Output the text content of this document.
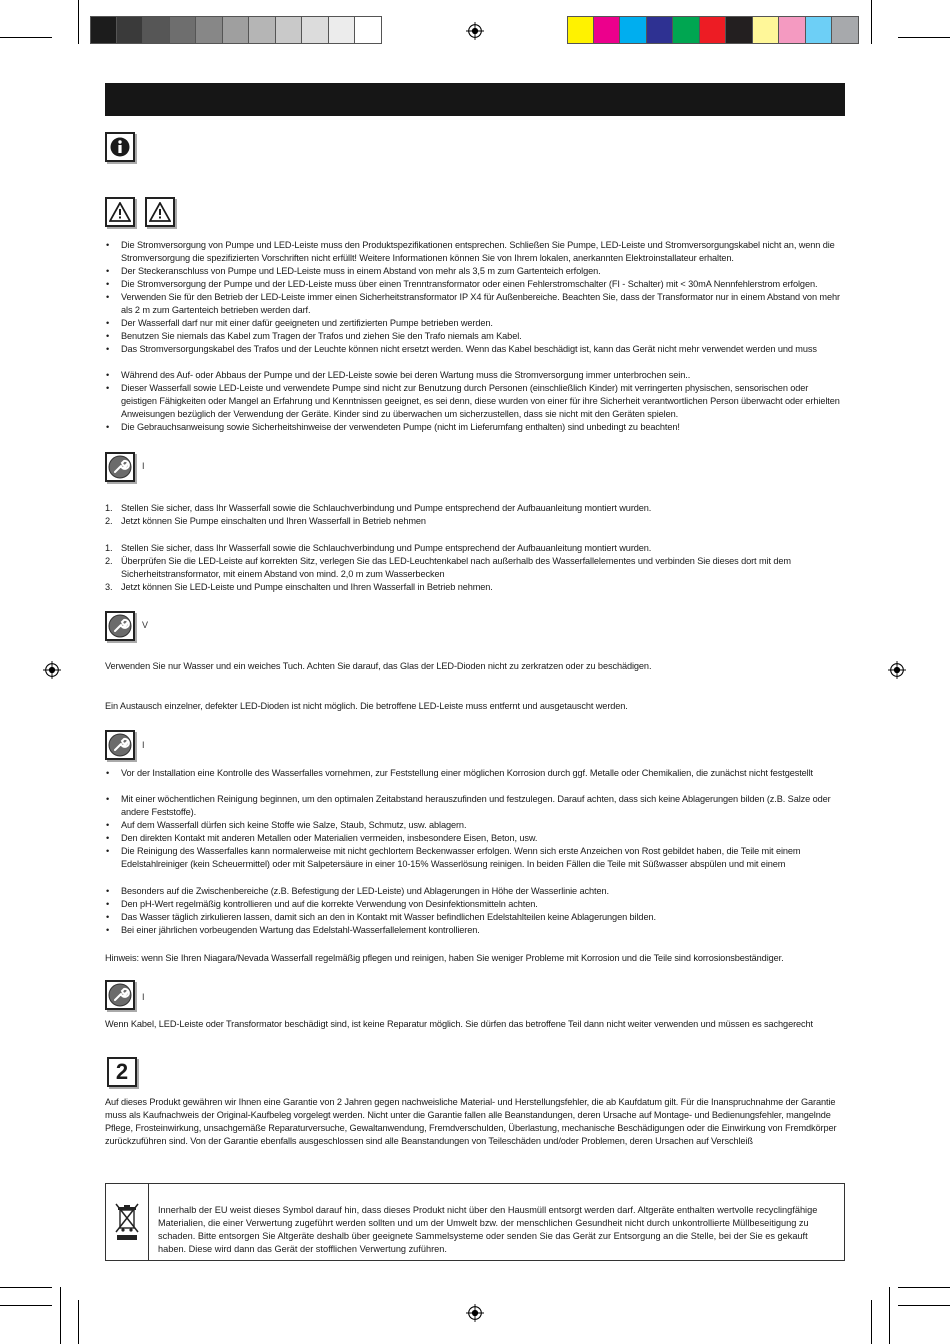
• Die Stromversorgung von Pumpe und LED-Leiste muss den Produktspezifikationen entsprechen. Schließen Sie Pumpe, LED-Leiste und Stromversorgungskabel nicht an, wenn die Stromversorgung die spezifizierten Vorschriften nicht erfüllt! Weitere Informationen können Sie von Ihrem lokalen, anerkannten Elektroinstallateur erhalten.
• Der Steckeranschluss von Pumpe und LED-Leiste muss in einem Abstand von mehr als 3,5 m zum Gartenteich erfolgen.
• Die Stromversorgung der Pumpe und der LED-Leiste muss über einen Trenntransformator oder einen Fehlerstromschalter (FI - Schalter) mit < 30mA Nennfehlerstrom erfolgen.
• Verwenden Sie für den Betrieb der LED-Leiste immer einen Sicherheitstransformator IP X4 für Außenbereiche. Beachten Sie, dass der Transformator nur in einem Abstand von mehr als 2 m zum Gartenteich betrieben werden darf.
• Der Wasserfall darf nur mit einer dafür geeigneten und zertifizierten Pumpe betrieben werden.
• Benutzen Sie niemals das Kabel zum Tragen der Trafos und ziehen Sie den Trafo niemals am Kabel.
• Das Stromversorgungskabel des Trafos und der Leuchte können nicht ersetzt werden. Wenn das Kabel beschädigt ist, kann das Gerät nicht mehr verwendet werden und muss
• Während des Auf- oder Abbaus der Pumpe und der LED-Leiste sowie bei deren Wartung muss die Stromversorgung immer unterbrochen sein..
• Dieser Wasserfall sowie LED-Leiste und verwendete Pumpe sind nicht zur Benutzung durch Personen (einschließlich Kinder) mit verringerten physischen, sensorischen oder geistigen Fähigkeiten oder Mangel an Erfahrung und Kenntnissen geeignet, es sei denn, diese wurden von einer für ihre Sicherheit verantwortlichen Person überwacht oder erhielten Anweisungen bezüglich der Verwendung der Geräte. Kinder sind zu überwachen um sicherzustellen, dass sie nicht mit den Geräten spielen.
• Die Gebrauchsanweisung sowie Sicherheitshinweise der verwendeten Pumpe (nicht im Lieferumfang enthalten) sind unbedingt zu beachten!
I
1. Stellen Sie sicher, dass Ihr Wasserfall sowie die Schlauchverbindung und Pumpe entsprechend der Aufbauanleitung montiert wurden.
2. Jetzt können Sie Pumpe einschalten und Ihren Wasserfall in Betrieb nehmen
1. Stellen Sie sicher, dass Ihr Wasserfall sowie die Schlauchverbindung und Pumpe entsprechend der Aufbauanleitung montiert wurden.
2. Überprüfen Sie die LED-Leiste auf korrekten Sitz, verlegen Sie das LED-Leuchtenkabel nach außerhalb des Wasserfallelementes und verbinden Sie dieses dort mit dem Sicherheitstransformator, mit einem Abstand von mind. 2,0 m zum Wasserbecken
3. Jetzt können Sie LED-Leiste und Pumpe einschalten und Ihren Wasserfall in Betrieb nehmen.
V
Verwenden Sie nur Wasser und ein weiches Tuch. Achten Sie darauf, das Glas der LED-Dioden nicht zu zerkratzen oder zu beschädigen.
Ein Austausch einzelner, defekter LED-Dioden ist nicht möglich. Die betroffene LED-Leiste muss entfernt und ausgetauscht werden.
I
• Vor der Installation eine Kontrolle des Wasserfalles vornehmen, zur Feststellung einer möglichen Korrosion durch ggf. Metalle oder Chemikalien, die zunächst nicht festgestellt
• Mit einer wöchentlichen Reinigung beginnen, um den optimalen Zeitabstand herauszufinden und festzulegen. Darauf achten, dass sich keine Ablagerungen bilden (z.B. Salze oder andere Feststoffe).
• Auf dem Wasserfall dürfen sich keine Stoffe wie Salze, Staub, Schmutz, usw. ablagern.
• Den direkten Kontakt mit anderen Metallen oder Materialien vermeiden, insbesondere Eisen, Beton, usw.
• Die Reinigung des Wasserfalles kann normalerweise mit nicht gechlortem Beckenwasser erfolgen. Wenn sich erste Anzeichen von Rost gebildet haben, die Teile mit einem Edelstahlreiniger (kein Scheuermittel) oder mit Salpetersäure in einer 10-15% Wasserlösung reinigen. In beiden Fällen die Teile mit Süßwasser abspülen und mit einem
• Besonders auf die Zwischenbereiche (z.B. Befestigung der LED-Leiste) und Ablagerungen in Höhe der Wasserlinie achten.
• Den pH-Wert regelmäßig kontrollieren und auf die korrekte Verwendung von Desinfektionsmitteln achten.
• Das Wasser täglich zirkulieren lassen, damit sich an den in Kontakt mit Wasser befindlichen Edelstahlteilen keine Ablagerungen bilden.
• Bei einer jährlichen vorbeugenden Wartung das Edelstahl-Wasserfallelement kontrollieren.
Hinweis: wenn Sie Ihren Niagara/Nevada Wasserfall regelmäßig pflegen und reinigen, haben Sie weniger Probleme mit Korrosion und die Teile sind korrosionsbeständiger.
I
Wenn Kabel, LED-Leiste oder Transformator beschädigt sind, ist keine Reparatur möglich. Sie dürfen das betroffene Teil dann nicht weiter verwenden und müssen es sachgerecht
2
Auf dieses Produkt gewähren wir Ihnen eine Garantie von 2 Jahren gegen nachweisliche Material- und Herstellungsfehler, die ab Kaufdatum gilt. Für die Inanspruchnahme der Garantie muss als Kaufnachweis der Original-Kaufbeleg vorgelegt werden. Nicht unter die Garantie fallen alle Beanstandungen, deren Ursache auf Montage- und Bedienungsfehler, mangelnde Pflege, Frosteinwirkung, unsachgemäße Reparaturversuche, Gewaltanwendung, Fremdverschulden, Überlastung, mechanische Beschädigungen oder die Einwirkung von Fremdkörper zurückzuführen sind. Von der Garantie ebenfalls ausgeschlossen sind alle Beanstandungen von Teileschäden und/oder Problemen, deren Ursachen auf Verschleiß
Innerhalb der EU weist dieses Symbol darauf hin, dass dieses Produkt nicht über den Hausmüll entsorgt werden darf. Altgeräte enthalten wertvolle recyclingfähige Materialien, die einer Verwertung zugeführt werden sollten und um der Umwelt bzw. der menschlichen Gesundheit nicht durch unkontrollierte Müllbeseitigung zu schaden. Bitte entsorgen Sie Altgeräte deshalb über geeignete Sammelsysteme oder senden Sie das Gerät zur Entsorgung an die Stelle, bei der Sie es gekauft haben. Diese wird dann das Gerät der stofflichen Verwertung zuführen.
